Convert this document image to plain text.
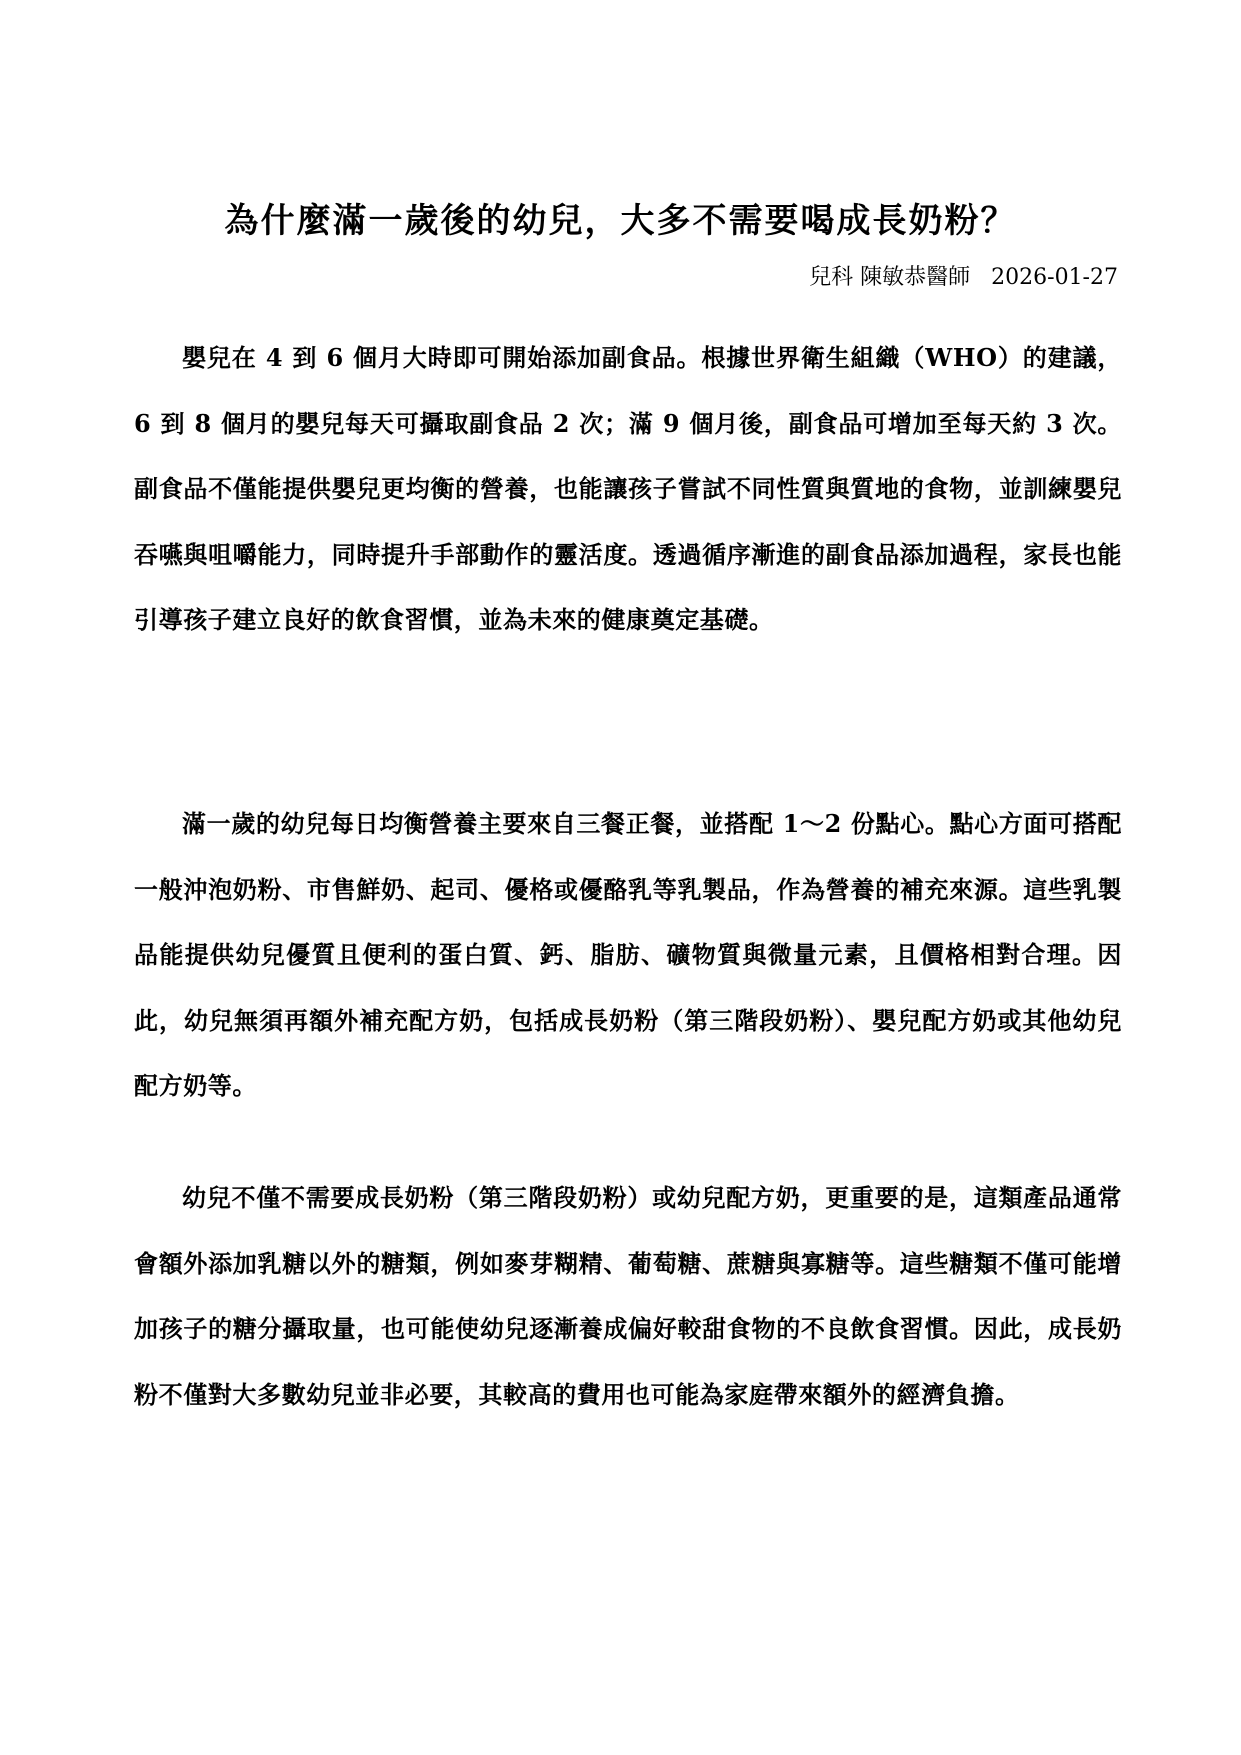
為什麼滿一歲後的幼兒，大多不需要喝成長奶粉？
兒科 陳敏恭醫師   2026-01-27

嬰兒在 4 到 6 個月大時即可開始添加副食品。根據世界衛生組織（WHO）的建議，6 到 8 個月的嬰兒每天可攝取副食品 2 次；滿 9 個月後，副食品可增加至每天約 3 次。副食品不僅能提供嬰兒更均衡的營養，也能讓孩子嘗試不同性質與質地的食物，並訓練嬰兒吞嚥與咀嚼能力，同時提升手部動作的靈活度。透過循序漸進的副食品添加過程，家長也能引導孩子建立良好的飲食習慣，並為未來的健康奠定基礎。

滿一歲的幼兒每日均衡營養主要來自三餐正餐，並搭配 1～2 份點心。點心方面可搭配一般沖泡奶粉、市售鮮奶、起司、優格或優酪乳等乳製品，作為營養的補充來源。這些乳製品能提供幼兒優質且便利的蛋白質、鈣、脂肪、礦物質與微量元素，且價格相對合理。因此，幼兒無須再額外補充配方奶，包括成長奶粉（第三階段奶粉）、嬰兒配方奶或其他幼兒配方奶等。

幼兒不僅不需要成長奶粉（第三階段奶粉）或幼兒配方奶，更重要的是，這類產品通常會額外添加乳糖以外的糖類，例如麥芽糊精、葡萄糖、蔗糖與寡糖等。這些糖類不僅可能增加孩子的糖分攝取量，也可能使幼兒逐漸養成偏好較甜食物的不良飲食習慣。因此，成長奶粉不僅對大多數幼兒並非必要，其較高的費用也可能為家庭帶來額外的經濟負擔。
